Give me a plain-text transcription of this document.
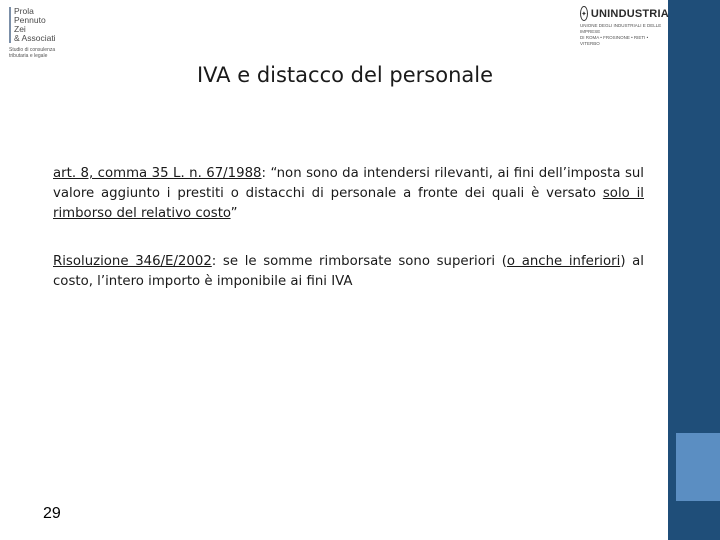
Prola
Pennuto
Zei
& Associati
Studio di consulenza
tributaria e legale
✦ UNINDUSTRIA
UNIONE DEGLI INDUSTRIALI E DELLE IMPRESE
DI ROMA • FROSINONE • RIETI • VITERBO
IVA e distacco del personale

art. 8, comma 35 L. n. 67/1988: “non sono da intendersi rilevanti, ai fini dell’imposta sul valore aggiunto i prestiti o distacchi di personale a fronte dei quali è versato solo il rimborso del relativo costo”

Risoluzione 346/E/2002: se le somme rimborsate sono superiori (o anche inferiori) al costo, l’intero importo è imponibile ai fini IVA

29
